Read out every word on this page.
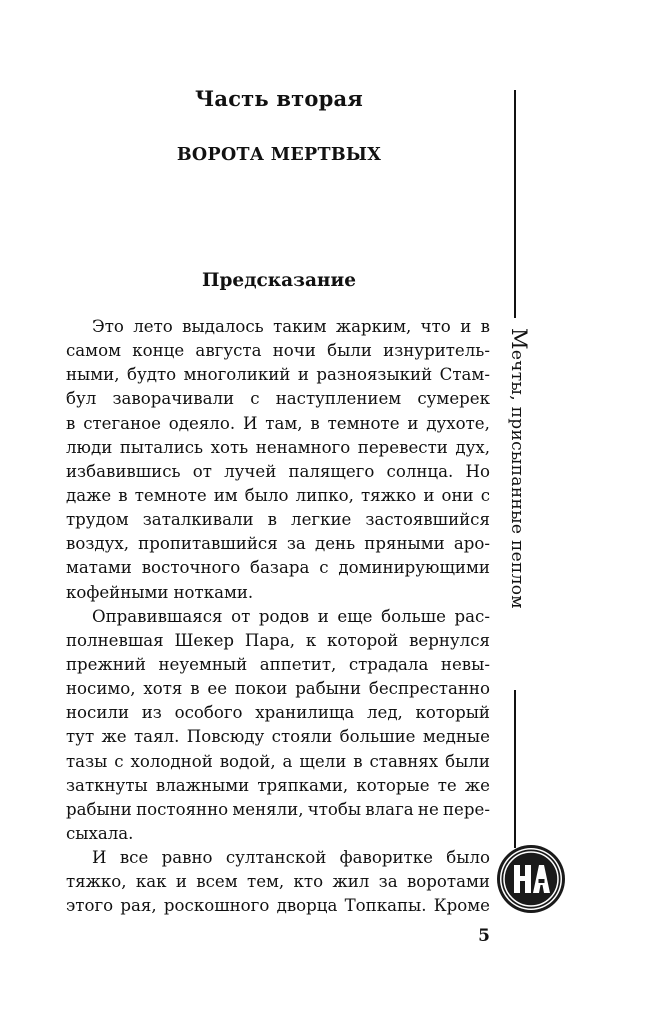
Часть вторая
ВОРОТА МЕРТВЫХ
Предсказание
Это лето выдалось таким жарким, что и в
самом конце августа ночи были изнуритель-
ными, будто многоликий и разноязыкий Стам-
бул заворачивали с наступлением сумерек
в стеганое одеяло. И там, в темноте и духоте,
люди пытались хоть ненамного перевести дух,
избавившись от лучей палящего солнца. Но
даже в темноте им было липко, тяжко и они с
трудом заталкивали в легкие застоявшийся
воздух, пропитавшийся за день пряными аро-
матами восточного базара с доминирующими
кофейными нотками.
Оправившаяся от родов и еще больше рас-
полневшая Шекер Пара, к которой вернулся
прежний неуемный аппетит, страдала невы-
носимо, хотя в ее покои рабыни беспрестанно
носили из особого хранилища лед, который
тут же таял. Повсюду стояли большие медные
тазы с холодной водой, а щели в ставнях были
заткнуты влажными тряпками, которые те же
рабыни постоянно меняли, чтобы влага не пере-
сыхала.
И все равно султанской фаворитке было
тяжко, как и всем тем, кто жил за воротами
этого рая, роскошного дворца Топкапы. Кроме
5
Мечты, присыпанные пеплом
